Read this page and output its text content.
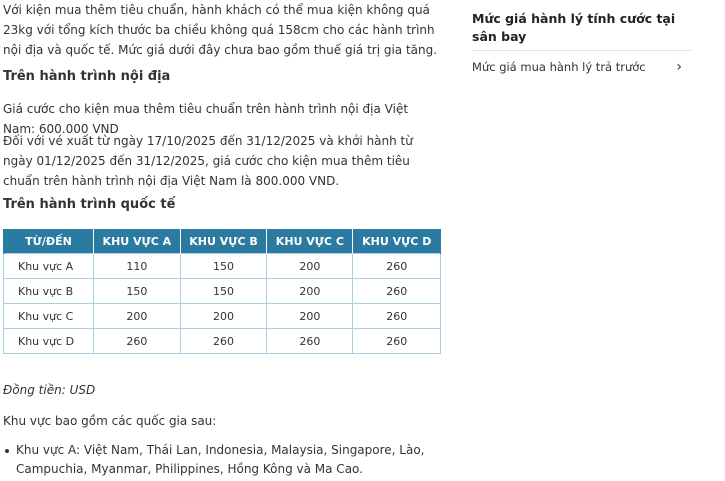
Với kiện mua thêm tiêu chuẩn, hành khách có thể mua kiện không quá 23kg với tổng kích thước ba chiều không quá 158cm cho các hành trình nội địa và quốc tế. Mức giá dưới đây chưa bao gồm thuế giá trị gia tăng.

Trên hành trình nội địa

Giá cước cho kiện mua thêm tiêu chuẩn trên hành trình nội địa Việt Nam: 600.000 VND

Đối với vé xuất từ ngày 17/10/2025 đến 31/12/2025 và khởi hành từ ngày 01/12/2025 đến 31/12/2025, giá cước cho kiện mua thêm tiêu chuẩn trên hành trình nội địa Việt Nam là 800.000 VND.

Trên hành trình quốc tế
TỪ/ĐẾN	KHU VỰC A	KHU VỰC B	KHU VỰC C	KHU VỰC D
Khu vực A	110	150	200	260
Khu vực B	150	150	200	260
Khu vực C	200	200	200	260
Khu vực D	260	260	260	260

Đồng tiền: USD

Khu vực bao gồm các quốc gia sau:

Khu vực A: Việt Nam, Thái Lan, Indonesia, Malaysia, Singapore, Lào, Campuchia, Myanmar, Philippines, Hồng Kông và Ma Cao.

Mức giá hành lý tính cước tại sân bay

Mức giá mua hành lý trả trước ›
